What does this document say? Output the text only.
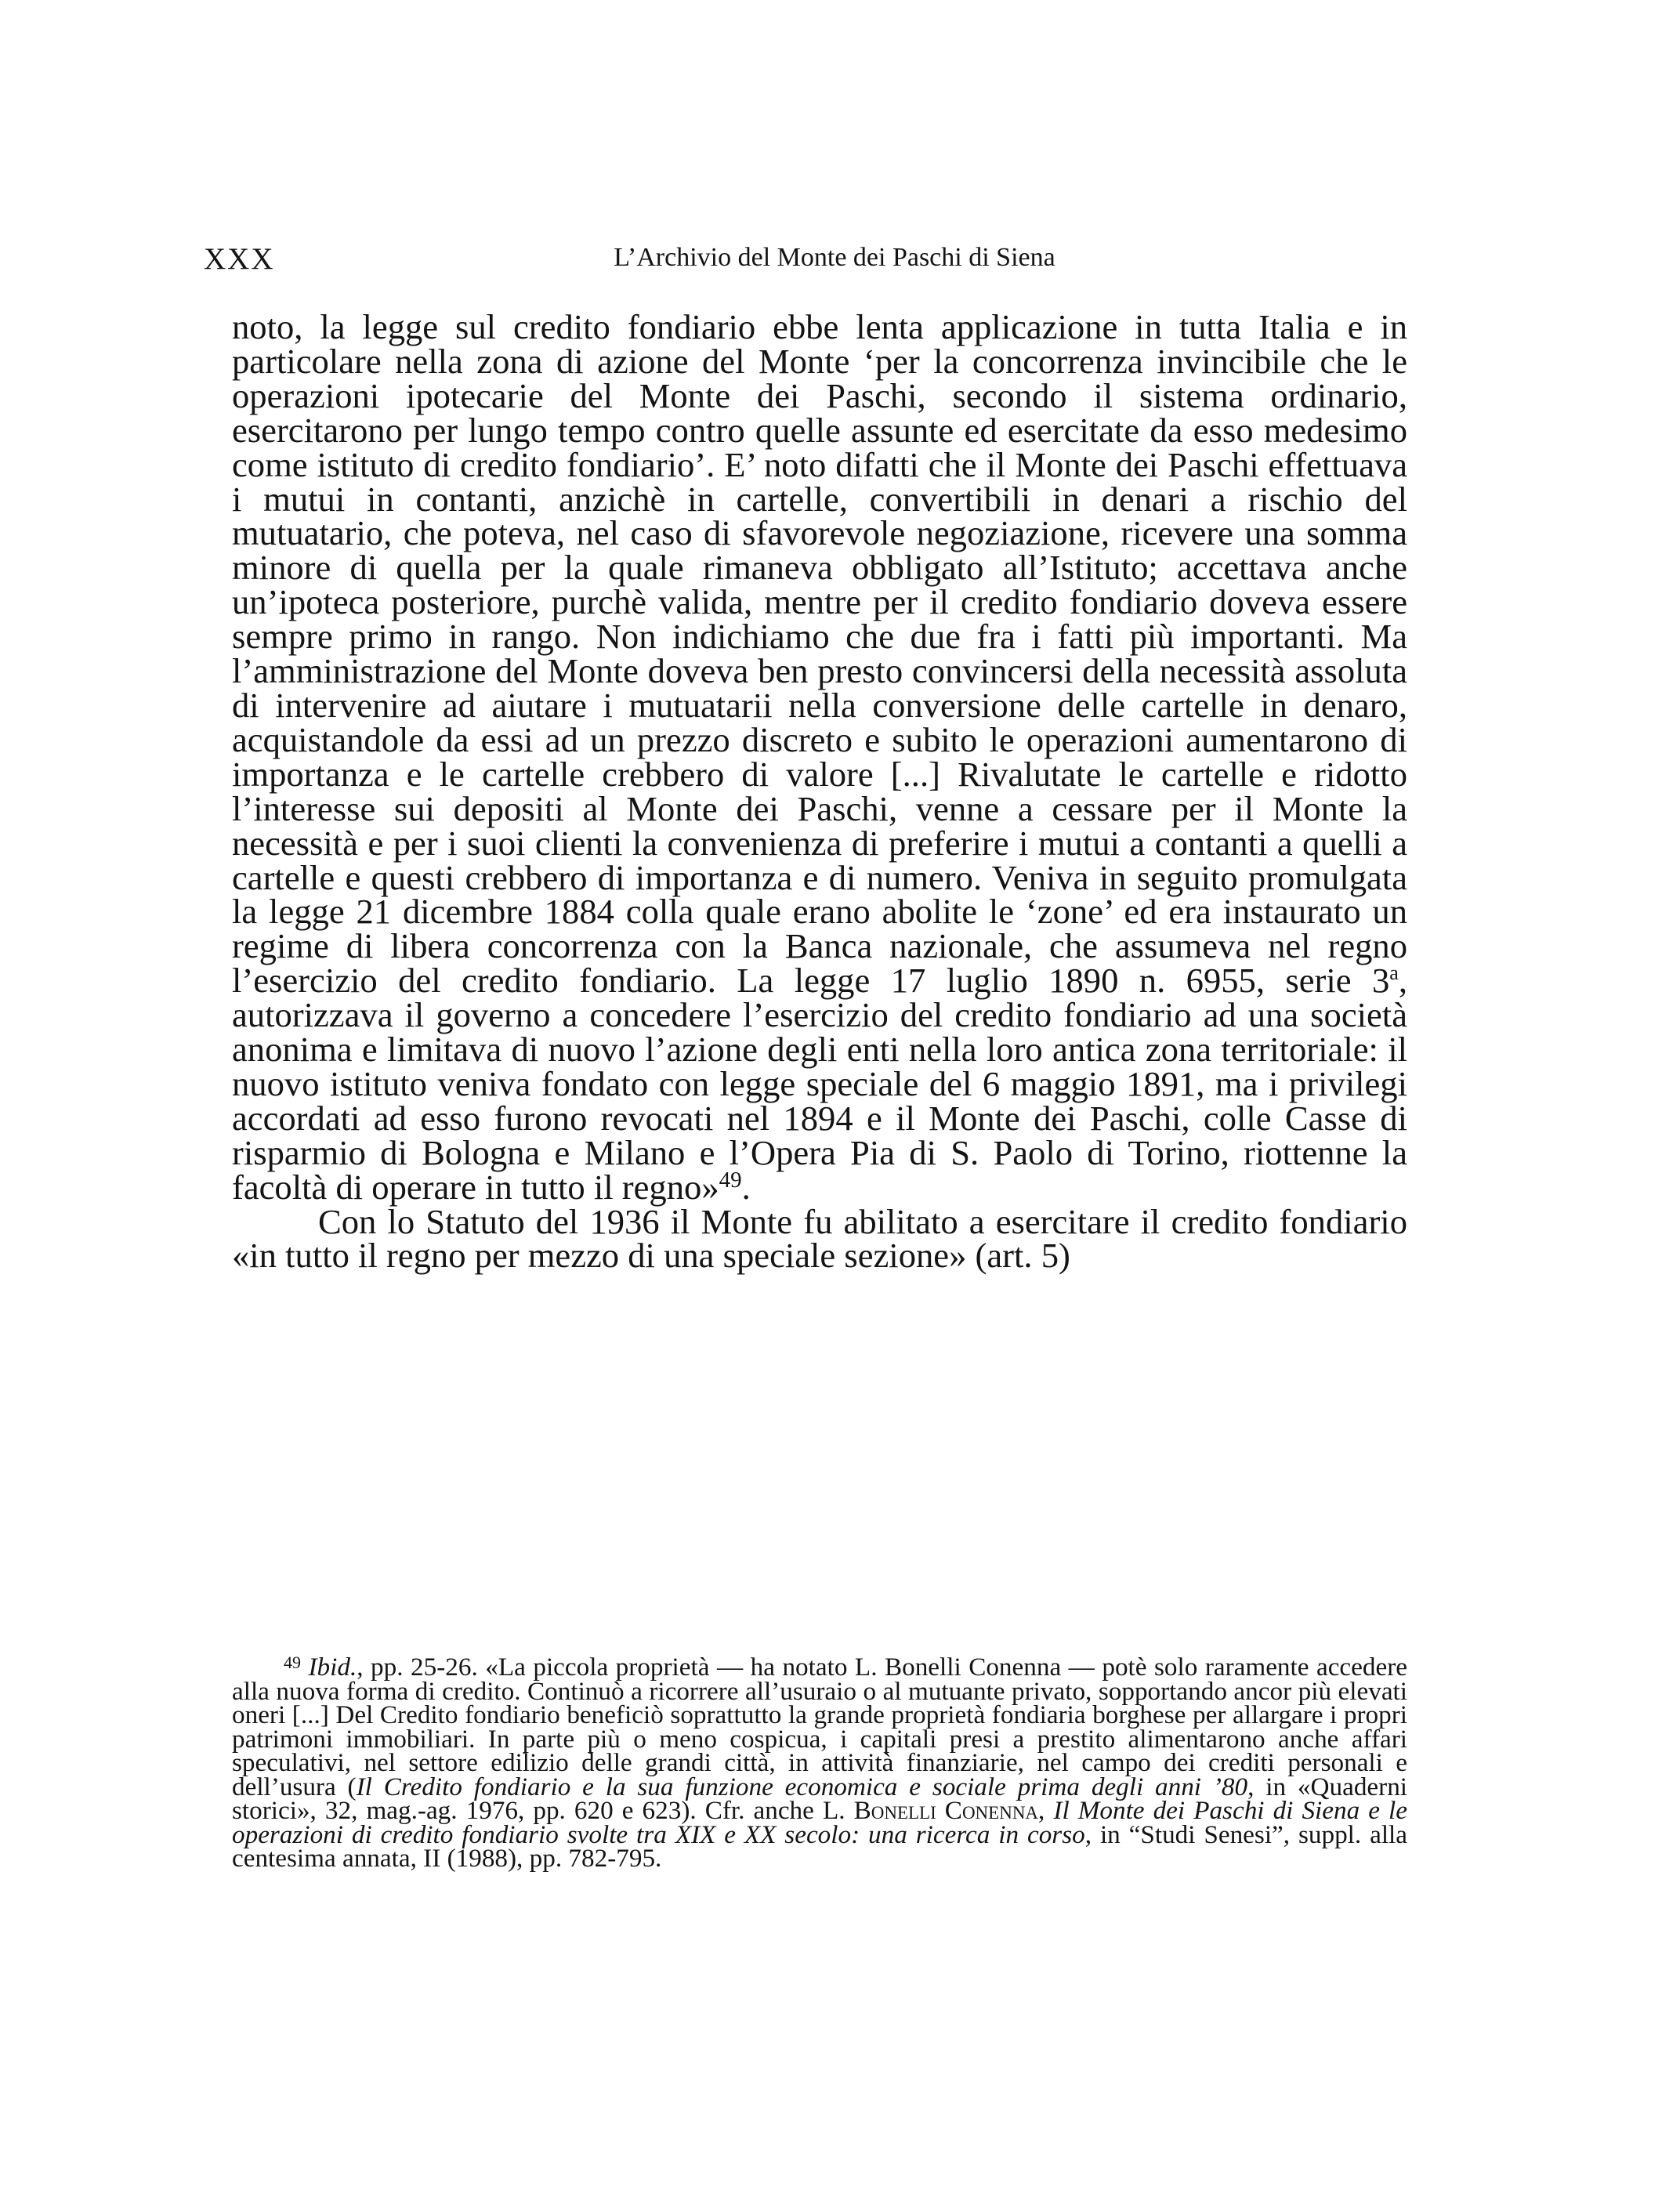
XXX	L’Archivio del Monte dei Paschi di Siena

noto, la legge sul credito fondiario ebbe lenta applicazione in tutta Italia e in particolare nella zona di azione del Monte ‘per la concorrenza invincibile che le operazioni ipotecarie del Monte dei Paschi, secondo il sistema ordinario, esercitarono per lungo tempo contro quelle assunte ed esercitate da esso medesimo come istituto di credito fondiario’. E’ noto difatti che il Monte dei Paschi effettuava i mutui in contanti, anzichè in cartelle, convertibili in denari a rischio del mutuatario, che poteva, nel caso di sfavorevole negoziazione, ricevere una somma minore di quella per la quale rimaneva obbligato all’Istituto; accettava anche un’ipoteca posteriore, purchè valida, mentre per il credito fondiario doveva essere sempre primo in rango. Non indichiamo che due fra i fatti più importanti. Ma l’amministrazione del Monte doveva ben presto convincersi della necessità assoluta di intervenire ad aiutare i mutuatarii nella conversione delle cartelle in denaro, acquistandole da essi ad un prezzo discreto e subito le operazioni aumentarono di importanza e le cartelle crebbero di valore [...] Rivalutate le cartelle e ridotto l’interesse sui depositi al Monte dei Paschi, venne a cessare per il Monte la necessità e per i suoi clienti la convenienza di preferire i mutui a contanti a quelli a cartelle e questi crebbero di importanza e di numero. Veniva in seguito promulgata la legge 21 dicembre 1884 colla quale erano abolite le ‘zone’ ed era instaurato un regime di libera concorrenza con la Banca nazionale, che assumeva nel regno l’esercizio del credito fondiario. La legge 17 luglio 1890 n. 6955, serie 3$^a$, autorizzava il governo a concedere l’esercizio del credito fondiario ad una società anonima e limitava di nuovo l’azione degli enti nella loro antica zona territoriale: il nuovo istituto veniva fondato con legge speciale del 6 maggio 1891, ma i privilegi accordati ad esso furono revocati nel 1894 e il Monte dei Paschi, colle Casse di risparmio di Bologna e Milano e l’Opera Pia di S. Paolo di Torino, riottenne la facoltà di operare in tutto il regno»$^{49}$.

Con lo Statuto del 1936 il Monte fu abilitato a esercitare il credito fondiario «in tutto il regno per mezzo di una speciale sezione» (art. 5)

$^{49}$ Ibid., pp. 25-26. «La piccola proprietà — ha notato L. Bonelli Conenna — potè solo raramente accedere alla nuova forma di credito. Continuò a ricorrere all’usuraio o al mutuante privato, sopportando ancor più elevati oneri [...] Del Credito fondiario beneficiò soprattutto la grande proprietà fondiaria borghese per allargare i propri patrimoni immobiliari. In parte più o meno cospicua, i capitali presi a prestito alimentarono anche affari speculativi, nel settore edilizio delle grandi città, in attività finanziarie, nel campo dei crediti personali e dell’usura (Il Credito fondiario e la sua funzione economica e sociale prima degli anni ’80, in «Quaderni storici», 32, mag.-ag. 1976, pp. 620 e 623). Cfr. anche L. Bonelli Conenna, Il Monte dei Paschi di Siena e le operazioni di credito fondiario svolte tra XIX e XX secolo: una ricerca in corso, in “Studi Senesi”, suppl. alla centesima annata, II (1988), pp. 782-795.
